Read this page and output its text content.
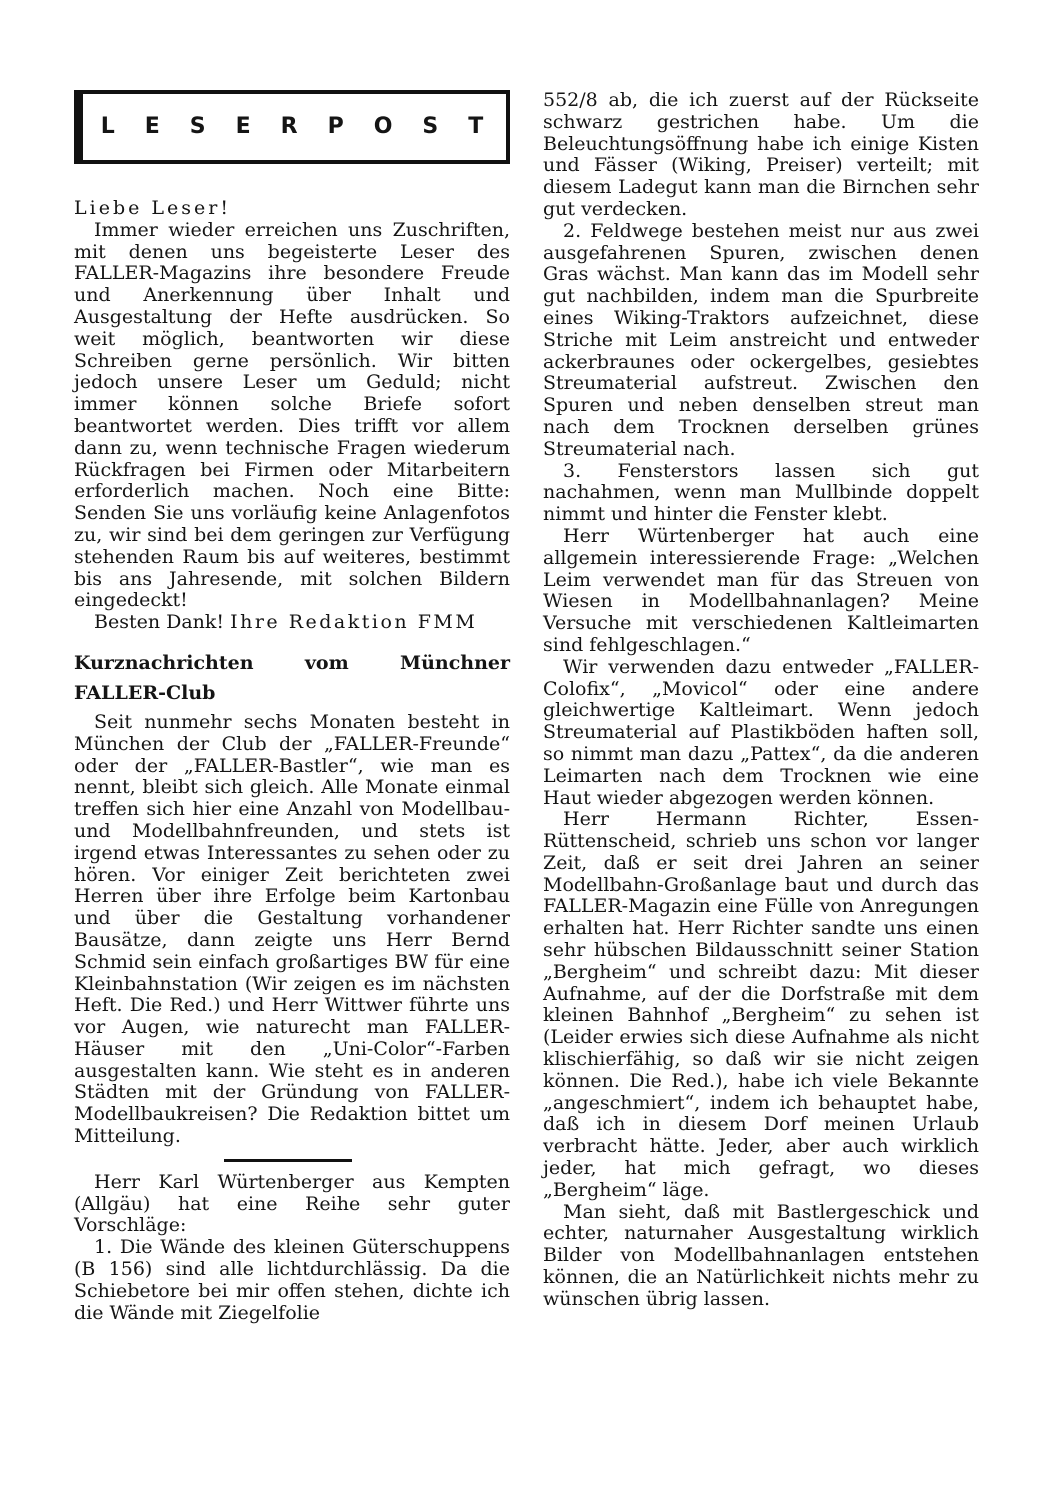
LESERPOST

Liebe Leser!

Immer wieder erreichen uns Zuschriften, mit denen uns begeisterte Leser des FALLER-Magazins ihre besondere Freude und Anerkennung über Inhalt und Ausgestaltung der Hefte ausdrücken. So weit möglich, beantworten wir diese Schreiben gerne persönlich. Wir bitten jedoch unsere Leser um Geduld; nicht immer können solche Briefe sofort beantwortet werden. Dies trifft vor allem dann zu, wenn technische Fragen wiederum Rückfragen bei Firmen oder Mitarbeitern erforderlich machen. Noch eine Bitte: Senden Sie uns vorläufig keine Anlagenfotos zu, wir sind bei dem geringen zur Verfügung stehenden Raum bis auf weiteres, bestimmt bis ans Jahresende, mit solchen Bildern eingedeckt!

Besten Dank! Ihre Redaktion FMM

Kurznachrichten vom Münchner FALLER-Club

Seit nunmehr sechs Monaten besteht in München der Club der „FALLER-Freunde“ oder der „FALLER-Bastler“, wie man es nennt, bleibt sich gleich. Alle Monate einmal treffen sich hier eine Anzahl von Modellbau- und Modellbahnfreunden, und stets ist irgend etwas Interessantes zu sehen oder zu hören. Vor einiger Zeit berichteten zwei Herren über ihre Erfolge beim Kartonbau und über die Gestaltung vorhandener Bausätze, dann zeigte uns Herr Bernd Schmid sein einfach großartiges BW für eine Kleinbahnstation (Wir zeigen es im nächsten Heft. Die Red.) und Herr Wittwer führte uns vor Augen, wie naturecht man FALLER-Häuser mit den „Uni-Color“-Farben ausgestalten kann. Wie steht es in anderen Städten mit der Gründung von FALLER-Modellbaukreisen? Die Redaktion bittet um Mitteilung.

Herr Karl Würtenberger aus Kempten (Allgäu) hat eine Reihe sehr guter Vorschläge:

1. Die Wände des kleinen Güterschuppens (B 156) sind alle lichtdurchlässig. Da die Schiebetore bei mir offen stehen, dichte ich die Wände mit Ziegelfolie

552/8 ab, die ich zuerst auf der Rückseite schwarz gestrichen habe. Um die Beleuchtungsöffnung habe ich einige Kisten und Fässer (Wiking, Preiser) verteilt; mit diesem Ladegut kann man die Birnchen sehr gut verdecken.

2. Feldwege bestehen meist nur aus zwei ausgefahrenen Spuren, zwischen denen Gras wächst. Man kann das im Modell sehr gut nachbilden, indem man die Spurbreite eines Wiking-Traktors aufzeichnet, diese Striche mit Leim anstreicht und entweder ackerbraunes oder ockergelbes, gesiebtes Streumaterial aufstreut. Zwischen den Spuren und neben denselben streut man nach dem Trocknen derselben grünes Streumaterial nach.

3. Fensterstors lassen sich gut nachahmen, wenn man Mullbinde doppelt nimmt und hinter die Fenster klebt.

Herr Würtenberger hat auch eine allgemein interessierende Frage: „Welchen Leim verwendet man für das Streuen von Wiesen in Modellbahnanlagen? Meine Versuche mit verschiedenen Kaltleimarten sind fehlgeschlagen.“

Wir verwenden dazu entweder „FALLER-Colofix“, „Movicol“ oder eine andere gleichwertige Kaltleimart. Wenn jedoch Streumaterial auf Plastikböden haften soll, so nimmt man dazu „Pattex“, da die anderen Leimarten nach dem Trocknen wie eine Haut wieder abgezogen werden können.

Herr Hermann Richter, Essen-Rüttenscheid, schrieb uns schon vor langer Zeit, daß er seit drei Jahren an seiner Modellbahn-Großanlage baut und durch das FALLER-Magazin eine Fülle von Anregungen erhalten hat. Herr Richter sandte uns einen sehr hübschen Bildausschnitt seiner Station „Bergheim“ und schreibt dazu: Mit dieser Aufnahme, auf der die Dorfstraße mit dem kleinen Bahnhof „Bergheim“ zu sehen ist (Leider erwies sich diese Aufnahme als nicht klischierfähig, so daß wir sie nicht zeigen können. Die Red.), habe ich viele Bekannte „angeschmiert“, indem ich behauptet habe, daß ich in diesem Dorf meinen Urlaub verbracht hätte. Jeder, aber auch wirklich jeder, hat mich gefragt, wo dieses „Bergheim“ läge.

Man sieht, daß mit Bastlergeschick und echter, naturnaher Ausgestaltung wirklich Bilder von Modellbahnanlagen entstehen können, die an Natürlichkeit nichts mehr zu wünschen übrig lassen.
